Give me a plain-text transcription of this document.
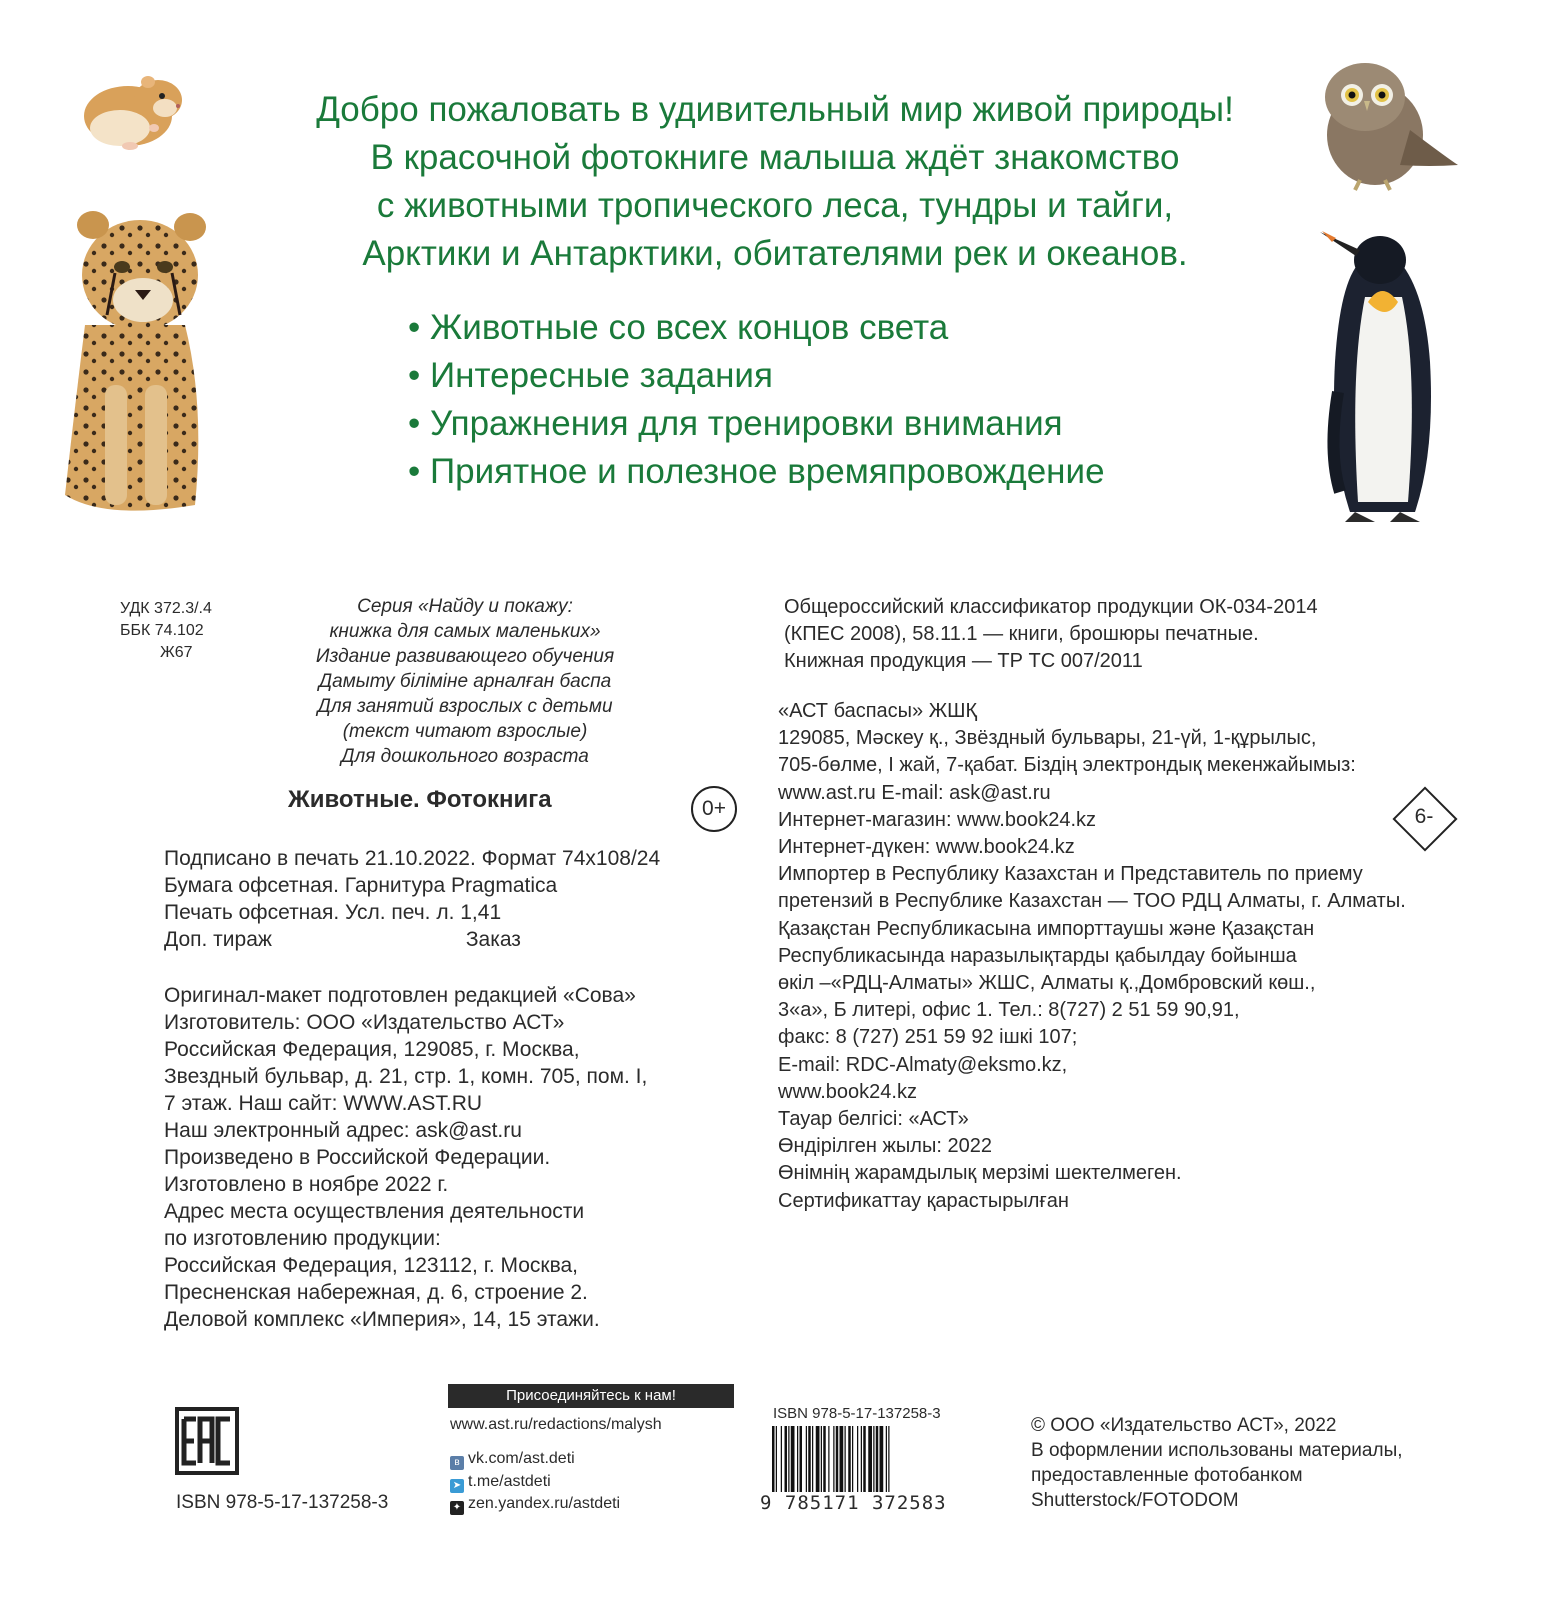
Добро пожаловать в удивительный мир живой природы!
В красочной фотокниге малыша ждёт знакомство
с животными тропического леса, тундры и тайги,
Арктики и Антарктики, обитателями рек и океанов.
• Животные со всех концов света
• Интересные задания
• Упражнения для тренировки внимания
• Приятное и полезное времяпровождение
УДК 372.3/.4
ББК 74.102
Ж67
Серия «Найду и покажу:
книжка для самых маленьких»
Издание развивающего обучения
Дамыту біліміне арналған баспа
Для занятий взрослых с детьми
(текст читают взрослые)
Для дошкольного возраста
Животные. Фотокнига	0+	6-
Подписано в печать 21.10.2022. Формат 74х108/24
Бумага офсетная. Гарнитура Pragmatica
Печать офсетная. Усл. печ. л. 1,41
Доп. тираж	Заказ
Оригинал-макет подготовлен редакцией «Сова»
Изготовитель: ООО «Издательство АСТ»
Российская Федерация, 129085, г. Москва,
Звездный бульвар, д. 21, стр. 1, комн. 705, пом. I,
7 этаж. Наш сайт: WWW.AST.RU
Наш электронный адрес: ask@ast.ru
Произведено в Российской Федерации.
Изготовлено в ноябре 2022 г.
Адрес места осуществления деятельности
по изготовлению продукции:
Российская Федерация, 123112, г. Москва,
Пресненская набережная, д. 6, строение 2.
Деловой комплекс «Империя», 14, 15 этажи.
Общероссийский классификатор продукции ОК-034-2014
(КПЕС 2008), 58.11.1 — книги, брошюры печатные.
Книжная продукция — ТР ТС 007/2011
«АСТ баспасы» ЖШҚ
129085, Мәскеу қ., Звёздный бульвары, 21-үй, 1-құрылыс,
705-бөлме, I жай, 7-қабат. Біздің электрондық мекенжайымыз:
www.ast.ru E-mail: ask@ast.ru
Интернет-магазин: www.book24.kz
Интернет-дүкен: www.book24.kz
Импортер в Республику Казахстан и Представитель по приему
претензий в Республике Казахстан — ТОО РДЦ Алматы, г. Алматы.
Қазақстан Республикасына импорттаушы және Қазақстан
Республикасында наразылықтарды қабылдау бойынша
өкіл –«РДЦ-Алматы» ЖШС, Алматы қ.,Домбровский көш.,
3«а», Б литері, офис 1. Тел.: 8(727) 2 51 59 90,91,
факс: 8 (727) 251 59 92 ішкі 107;
E-mail: RDC-Almaty@eksmo.kz,
www.book24.kz
Тауар белгісі: «АСТ»
Өндірілген жылы: 2022
Өнімнің жарамдылық мерзімі шектелмеген.
Сертификаттау қарастырылған
ISBN 978-5-17-137258-3
Присоединяйтесь к нам!
www.ast.ru/redactions/malysh
в vk.com/ast.deti
➤ t.me/astdeti
✦ zen.yandex.ru/astdeti
ISBN 978-5-17-137258-3
9 785171 372583
© ООО «Издательство АСТ», 2022
В оформлении использованы материалы,
предоставленные фотобанком
Shutterstock/FOTODOM
